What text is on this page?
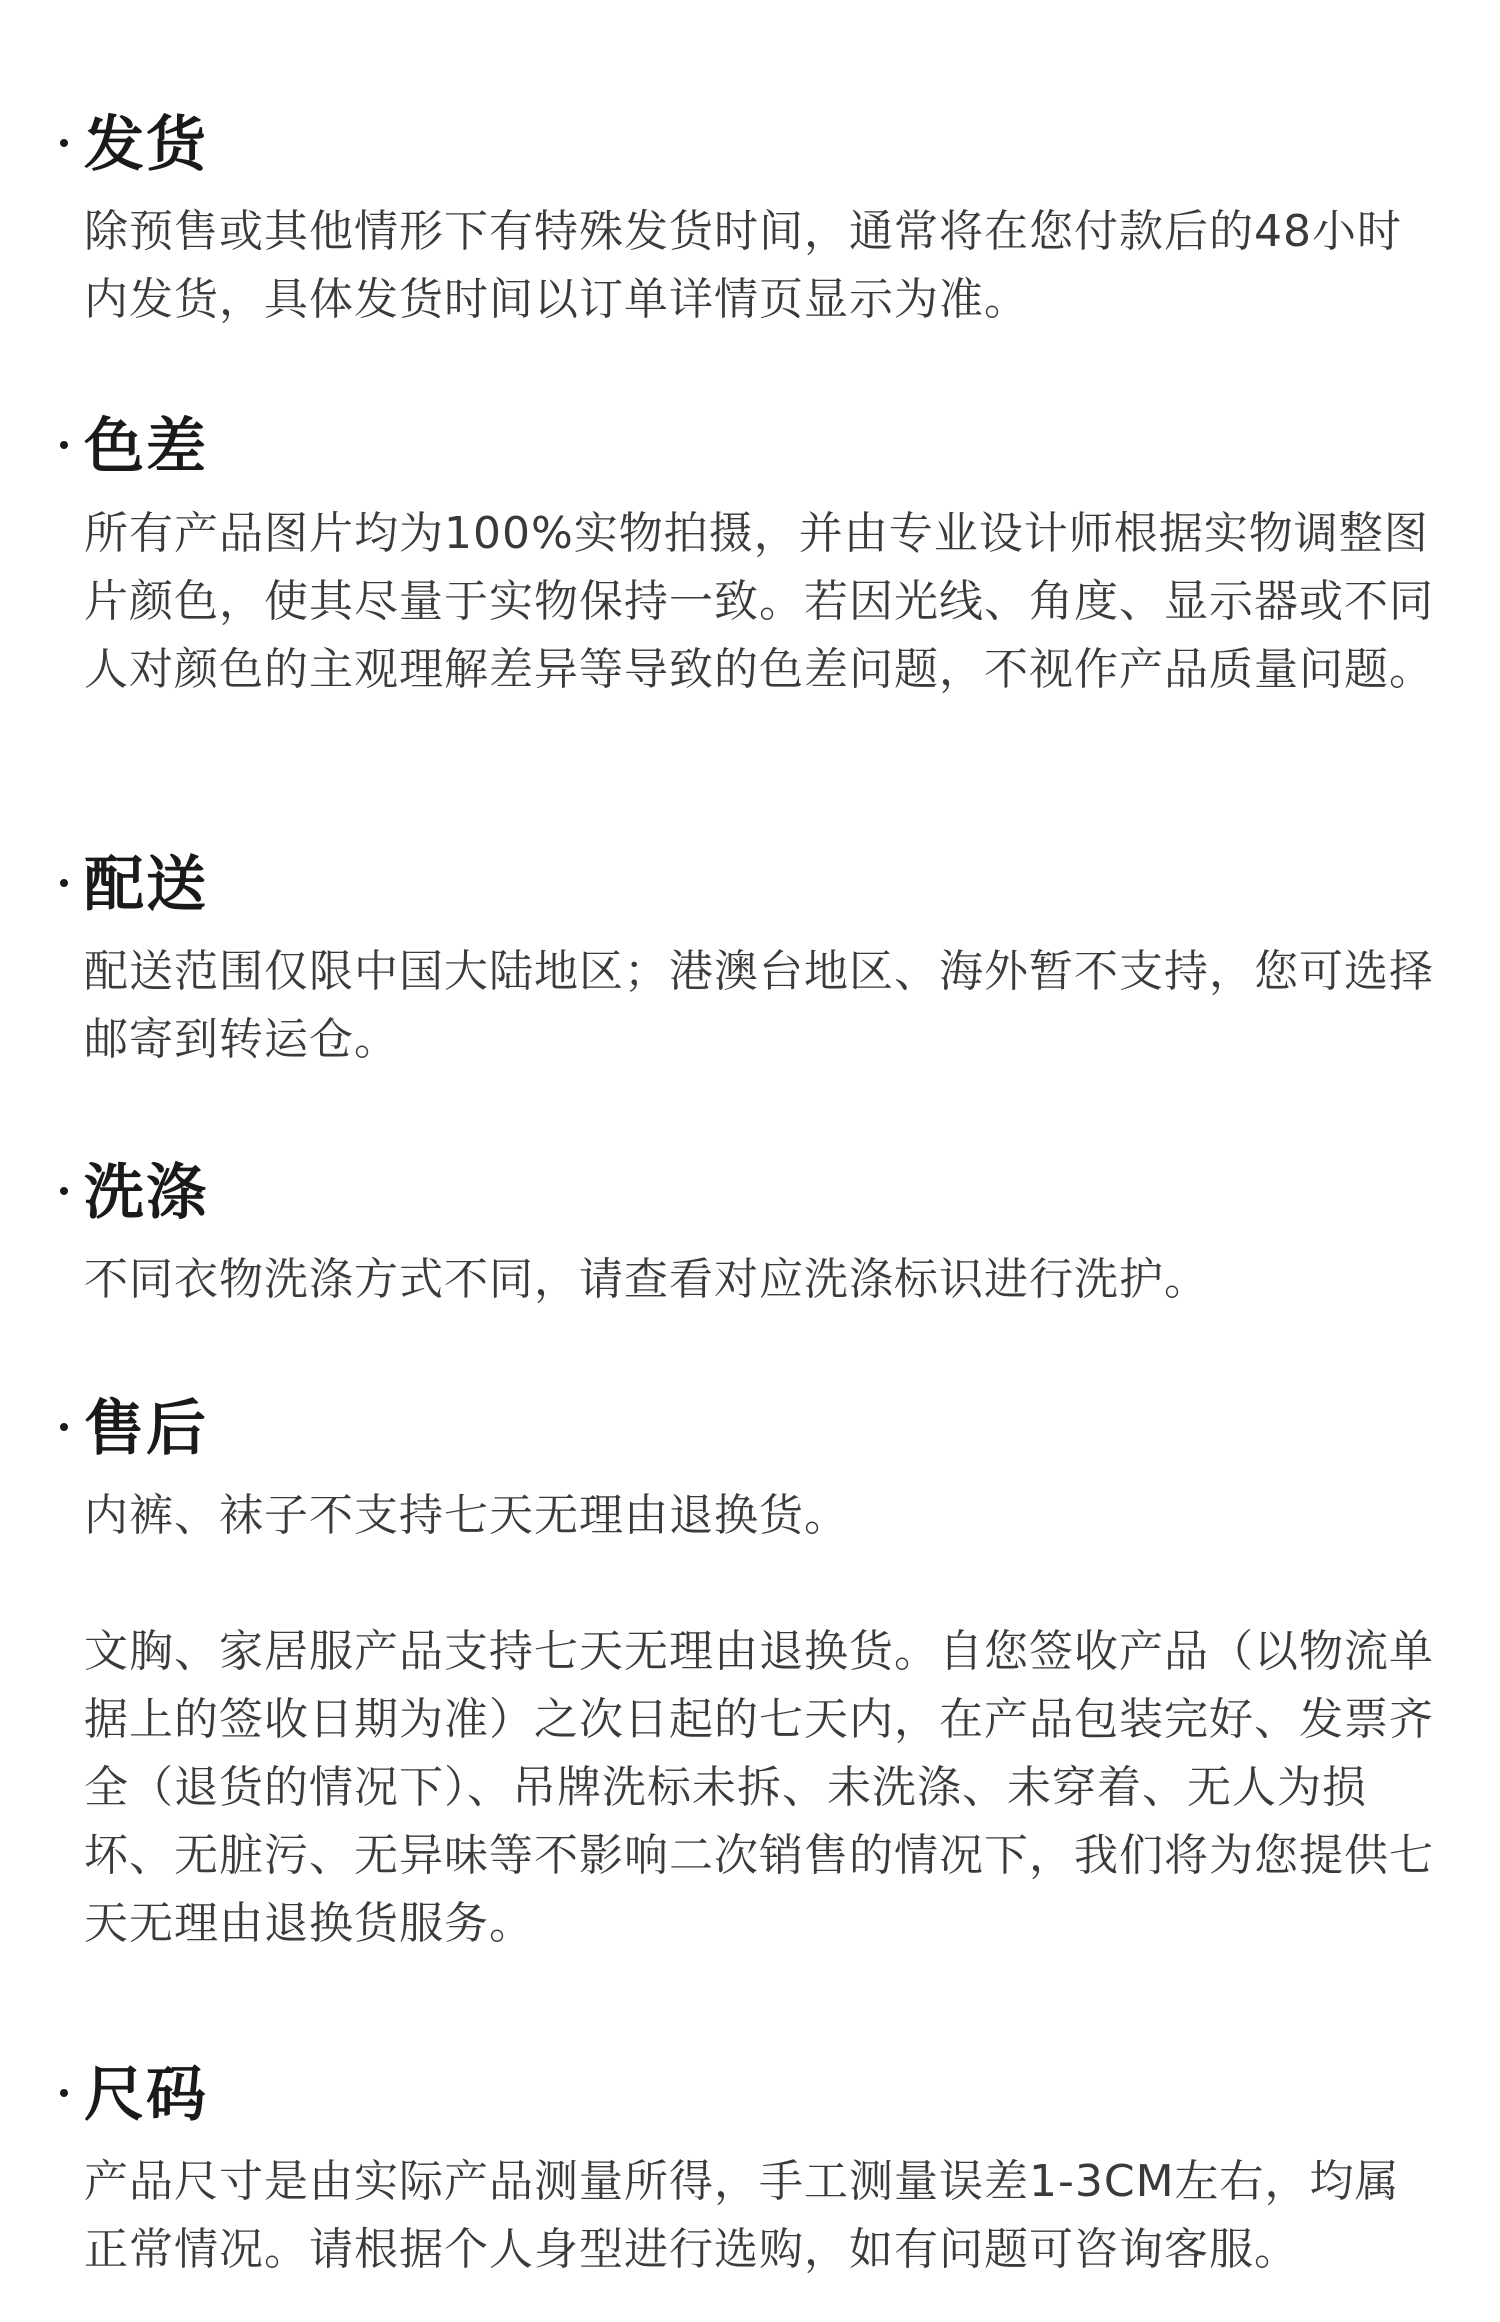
发货

除预售或其他情形下有特殊发货时间，通常将在您付款后的48小时内发货，具体发货时间以订单详情页显示为准。

色差

所有产品图片均为100%实物拍摄，并由专业设计师根据实物调整图片颜色，使其尽量于实物保持一致。若因光线、角度、显示器或不同人对颜色的主观理解差异等导致的色差问题，不视作产品质量问题。

配送

配送范围仅限中国大陆地区；港澳台地区、海外暂不支持，您可选择邮寄到转运仓。

洗涤

不同衣物洗涤方式不同，请查看对应洗涤标识进行洗护。

售后

内裤、袜子不支持七天无理由退换货。

文胸、家居服产品支持七天无理由退换货。自您签收产品（以物流单据上的签收日期为准）之次日起的七天内，在产品包装完好、发票齐全（退货的情况下）、吊牌洗标未拆、未洗涤、未穿着、无人为损坏、无脏污、无异味等不影响二次销售的情况下，我们将为您提供七天无理由退换货服务。

尺码

产品尺寸是由实际产品测量所得，手工测量误差1-3CM左右，均属正常情况。请根据个人身型进行选购，如有问题可咨询客服。
